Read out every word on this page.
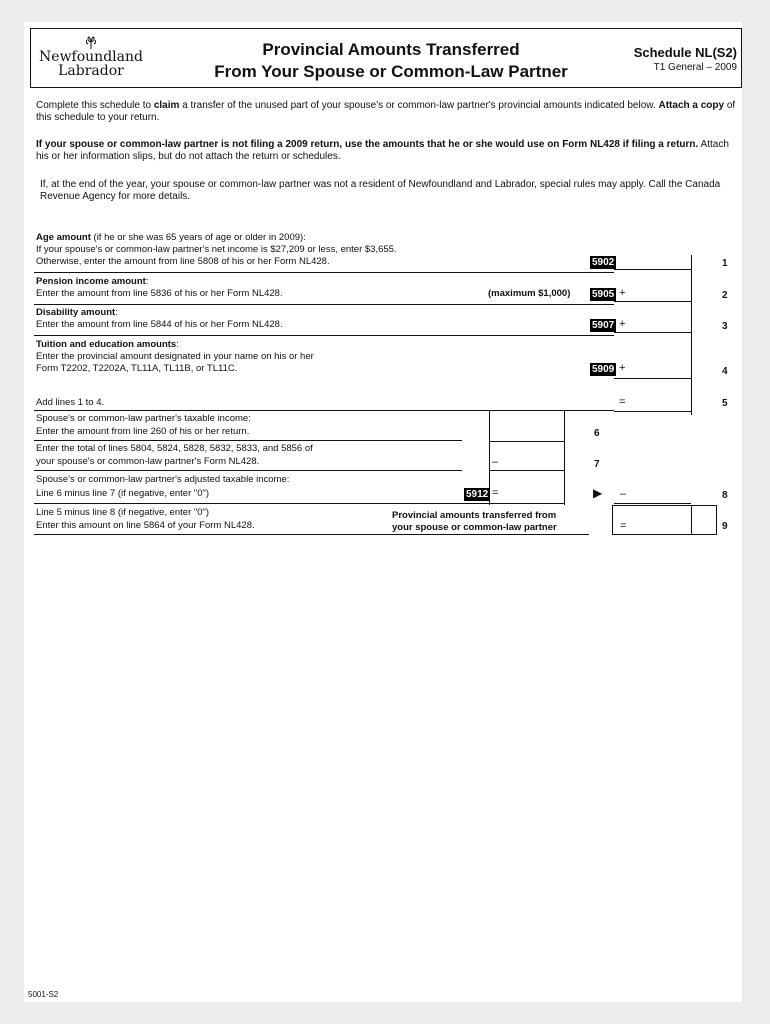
Newfoundland
Labrador
Provincial Amounts Transferred
From Your Spouse or Common-Law Partner
Schedule NL(S2)
T1 General – 2009
Complete this schedule to claim a transfer of the unused part of your spouse's or common-law partner's provincial amounts indicated below. Attach a copy of this schedule to your return.
If your spouse or common-law partner is not filing a 2009 return, use the amounts that he or she would use on Form NL428 if filing a return. Attach his or her information slips, but do not attach the return or schedules.
If, at the end of the year, your spouse or common-law partner was not a resident of Newfoundland and Labrador, special rules may apply. Call the Canada Revenue Agency for more details.
Age amount (if he or she was 65 years of age or older in 2009):
If your spouse's or common-law partner's net income is $27,209 or less, enter $3,655.
Otherwise, enter the amount from line 5808 of his or her Form NL428.	5902	1
Pension income amount:
Enter the amount from line 5836 of his or her Form NL428.	(maximum $1,000) 5905 +	2
Disability amount:
Enter the amount from line 5844 of his or her Form NL428.	5907 +	3
Tuition and education amounts:
Enter the provincial amount designated in your name on his or her
Form T2202, T2202A, TL11A, TL11B, or TL11C.	5909 +	4
Add lines 1 to 4.	=	5
Spouse's or common-law partner's taxable income:
Enter the amount from line 260 of his or her return.	6
Enter the total of lines 5804, 5824, 5828, 5832, 5833, and 5856 of
your spouse's or common-law partner's Form NL428.	–	7
Spouse's or common-law partner's adjusted taxable income:
Line 6 minus line 7 (if negative, enter "0")	5912 =	▶ –	8
Line 5 minus line 8 (if negative, enter "0")
Enter this amount on line 5864 of your Form NL428.
Provincial amounts transferred from
your spouse or common-law partner	=	9
5001-S2
